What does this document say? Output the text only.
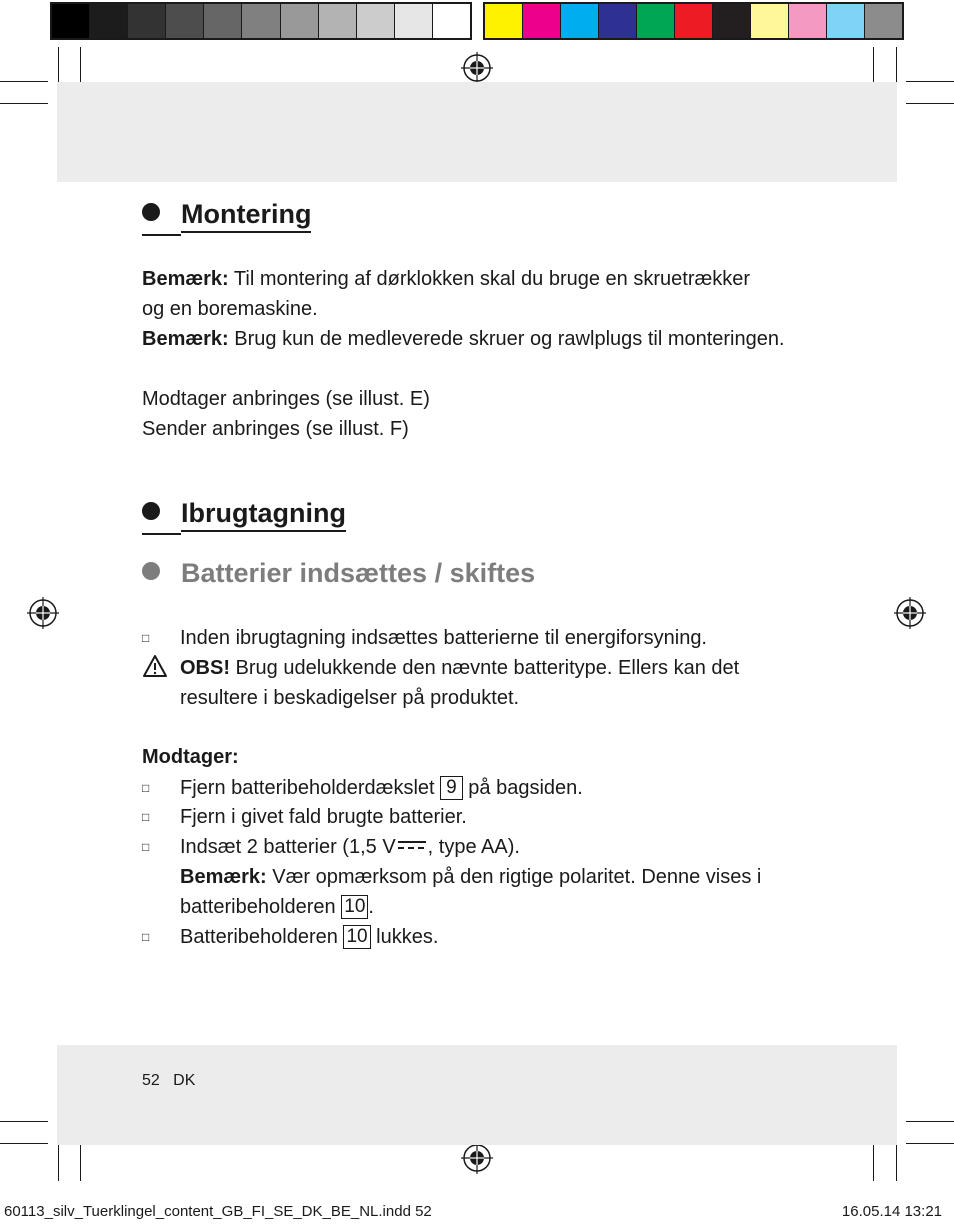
Montering
Bemærk: Til montering af dørklokken skal du bruge en skruetrækker
og en boremaskine.
Bemærk: Brug kun de medleverede skruer og rawlplugs til monteringen.
Modtager anbringes (se illust. E)
Sender anbringes (se illust. F)
Ibrugtagning
Batterier indsættes / skiftes
□ Inden ibrugtagning indsættes batterierne til energiforsyning.
OBS! Brug udelukkende den nævnte batteritype. Ellers kan det
resultere i beskadigelser på produktet.
Modtager:
□ Fjern batteribeholderdækslet 9 på bagsiden.
□ Fjern i givet fald brugte batterier.
□ Indsæt 2 batterier (1,5 V , type AA).
Bemærk: Vær opmærksom på den rigtige polaritet. Denne vises i
batteribeholderen 10 .
□ Batteribeholderen 10 lukkes.
52 DK
60113_silv_Tuerklingel_content_GB_FI_SE_DK_BE_NL.indd 52	16.05.14 13:21
